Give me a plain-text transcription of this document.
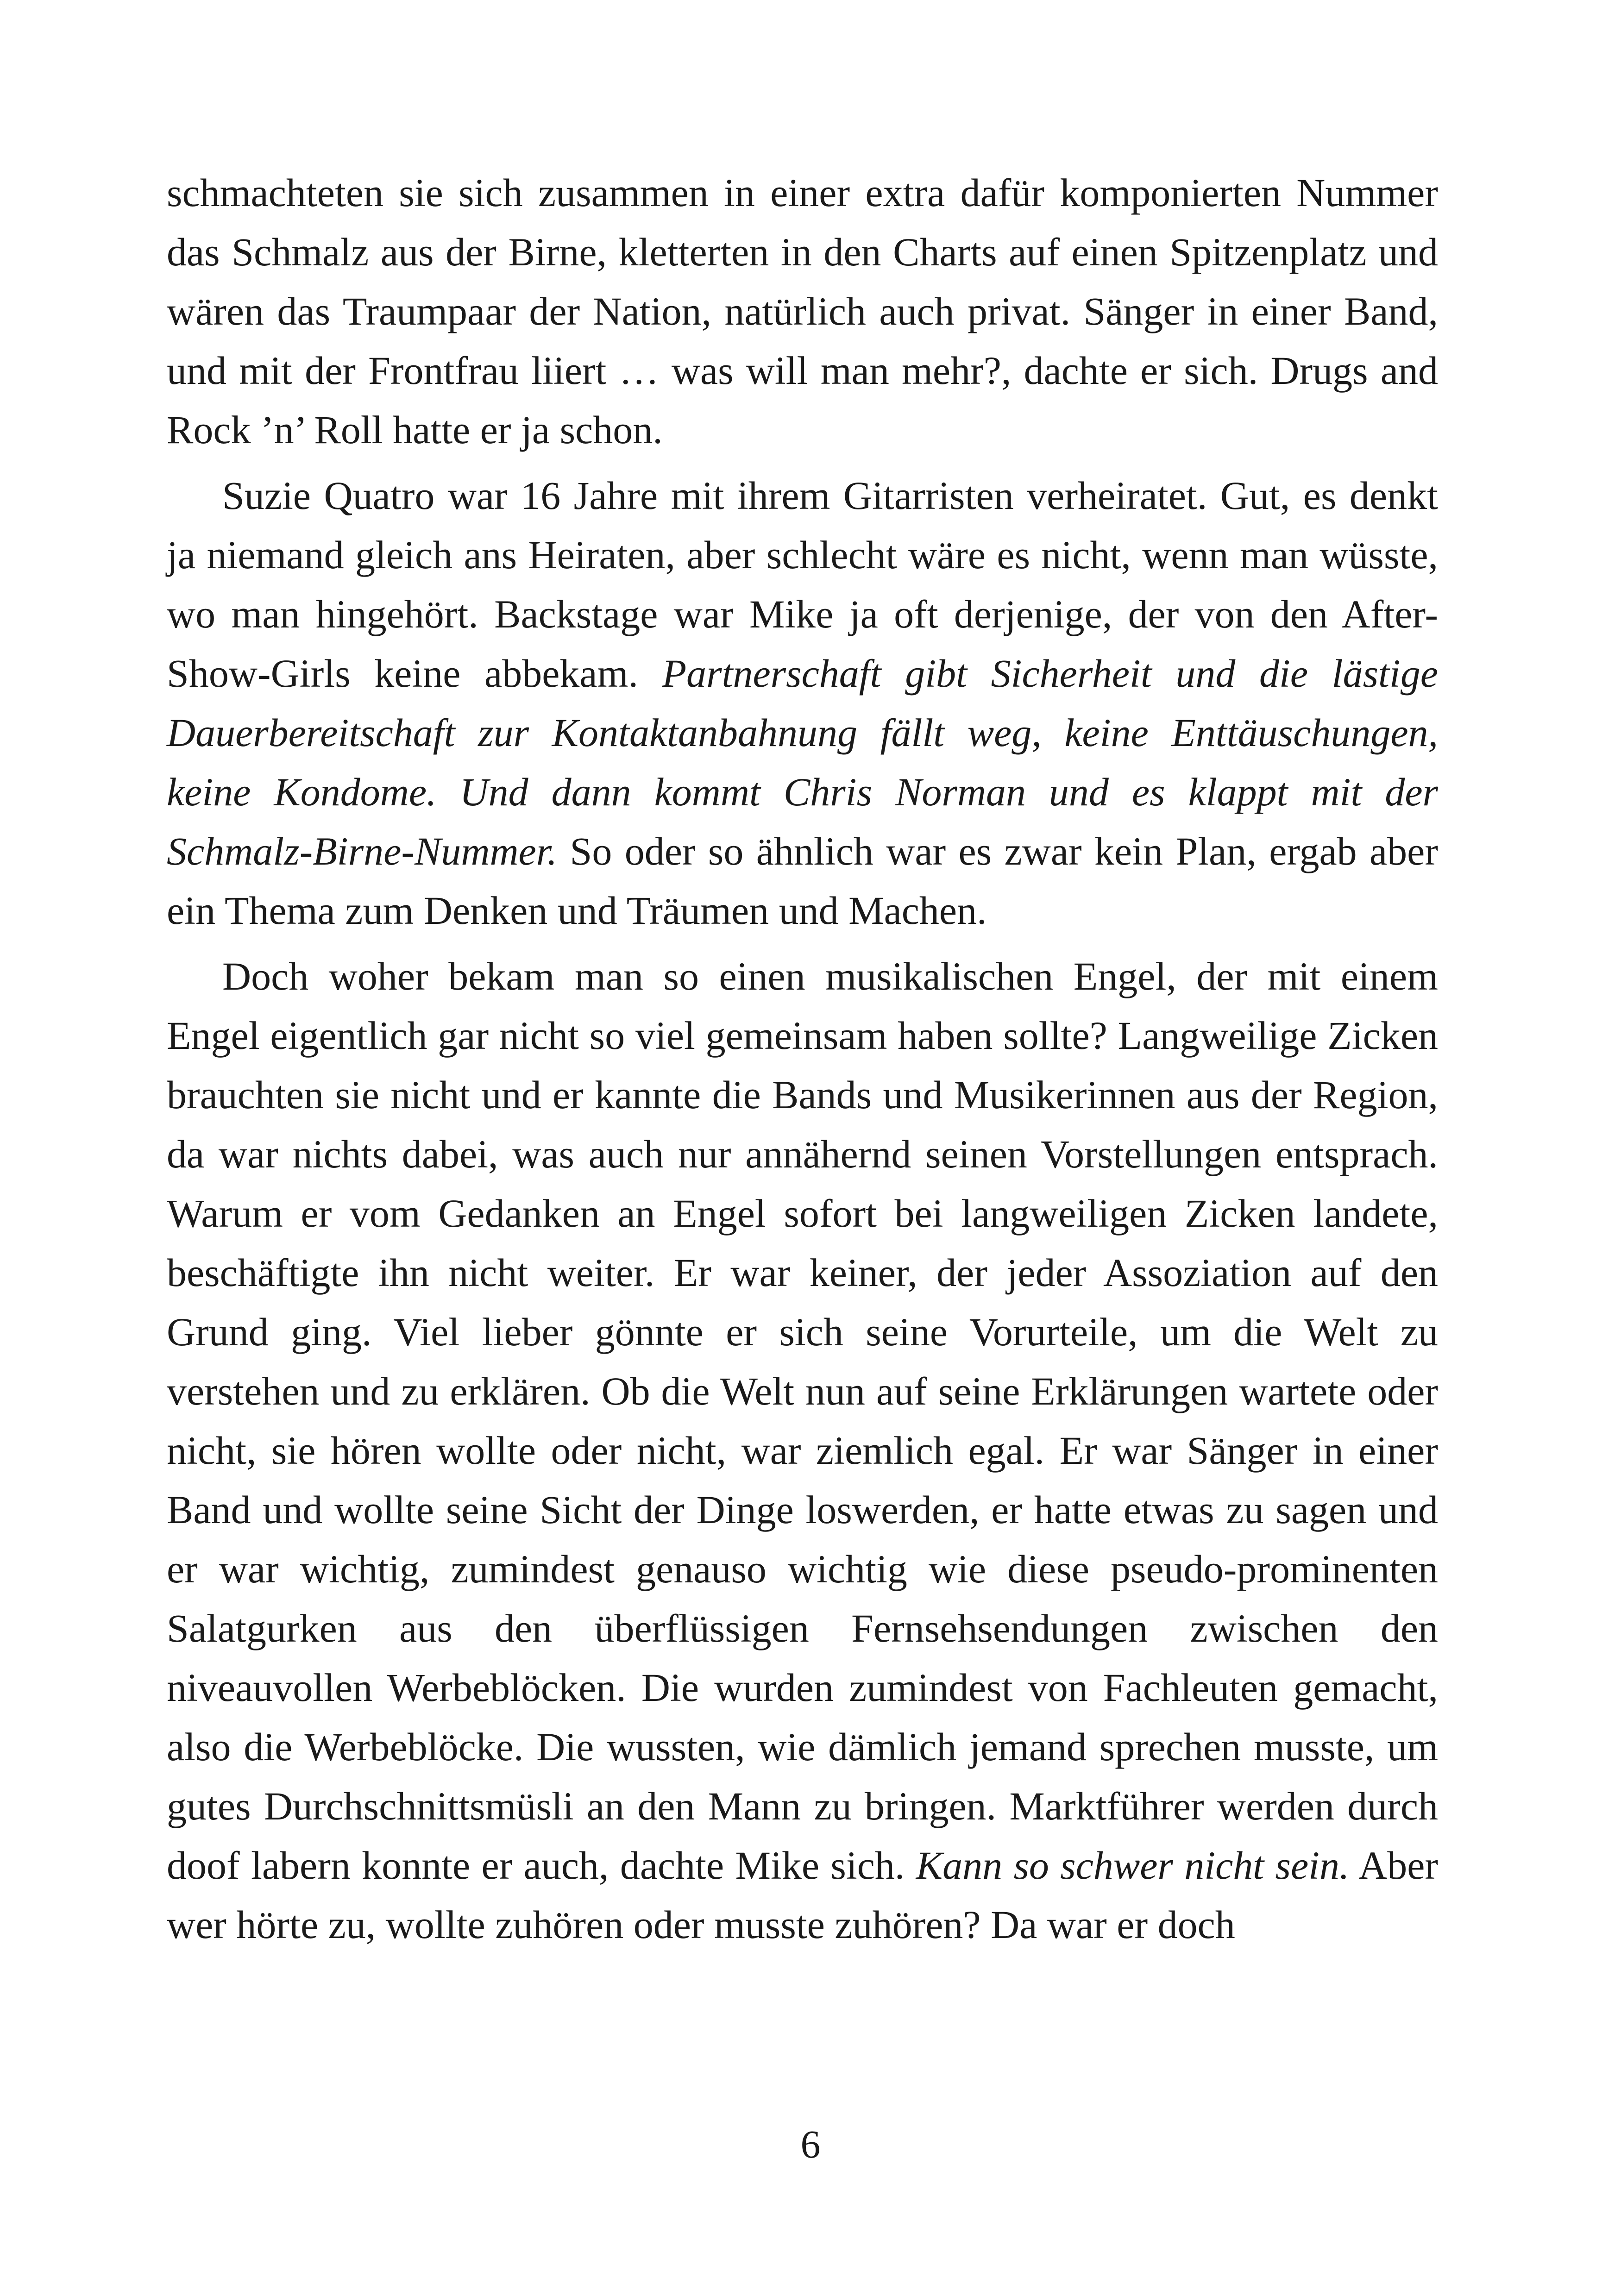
schmachteten sie sich zusammen in einer extra dafür komponierten Nummer das Schmalz aus der Birne, kletterten in den Charts auf einen Spitzenplatz und wären das Traumpaar der Nation, natürlich auch privat. Sänger in einer Band, und mit der Frontfrau liiert … was will man mehr?, dachte er sich. Drugs and Rock ’n’ Roll hatte er ja schon.

Suzie Quatro war 16 Jahre mit ihrem Gitarristen verheiratet. Gut, es denkt ja niemand gleich ans Heiraten, aber schlecht wäre es nicht, wenn man wüsste, wo man hingehört. Backstage war Mike ja oft derjenige, der von den After-Show-Girls keine abbekam. Partnerschaft gibt Sicherheit und die lästige Dauerbereitschaft zur Kontaktanbahnung fällt weg, keine Enttäuschungen, keine Kondome. Und dann kommt Chris Norman und es klappt mit der Schmalz-Birne-Nummer. So oder so ähnlich war es zwar kein Plan, ergab aber ein Thema zum Denken und Träumen und Machen.

Doch woher bekam man so einen musikalischen Engel, der mit einem Engel eigentlich gar nicht so viel gemeinsam haben sollte? Langweilige Zicken brauchten sie nicht und er kannte die Bands und Musikerinnen aus der Region, da war nichts dabei, was auch nur annähernd seinen Vorstellungen entsprach. Warum er vom Gedanken an Engel sofort bei langweiligen Zicken landete, beschäftigte ihn nicht weiter. Er war keiner, der jeder Assoziation auf den Grund ging. Viel lieber gönnte er sich seine Vorurteile, um die Welt zu verstehen und zu erklären. Ob die Welt nun auf seine Erklärungen wartete oder nicht, sie hören wollte oder nicht, war ziemlich egal. Er war Sänger in einer Band und wollte seine Sicht der Dinge loswerden, er hatte etwas zu sagen und er war wichtig, zumindest genauso wichtig wie diese pseudo-prominenten Salatgurken aus den überflüssigen Fernsehsendungen zwischen den niveauvollen Werbeblöcken. Die wurden zumindest von Fachleuten gemacht, also die Werbeblöcke. Die wussten, wie dämlich jemand sprechen musste, um gutes Durchschnittsmüsli an den Mann zu bringen. Marktführer werden durch doof labern konnte er auch, dachte Mike sich. Kann so schwer nicht sein. Aber wer hörte zu, wollte zuhören oder musste zuhören? Da war er doch

6
